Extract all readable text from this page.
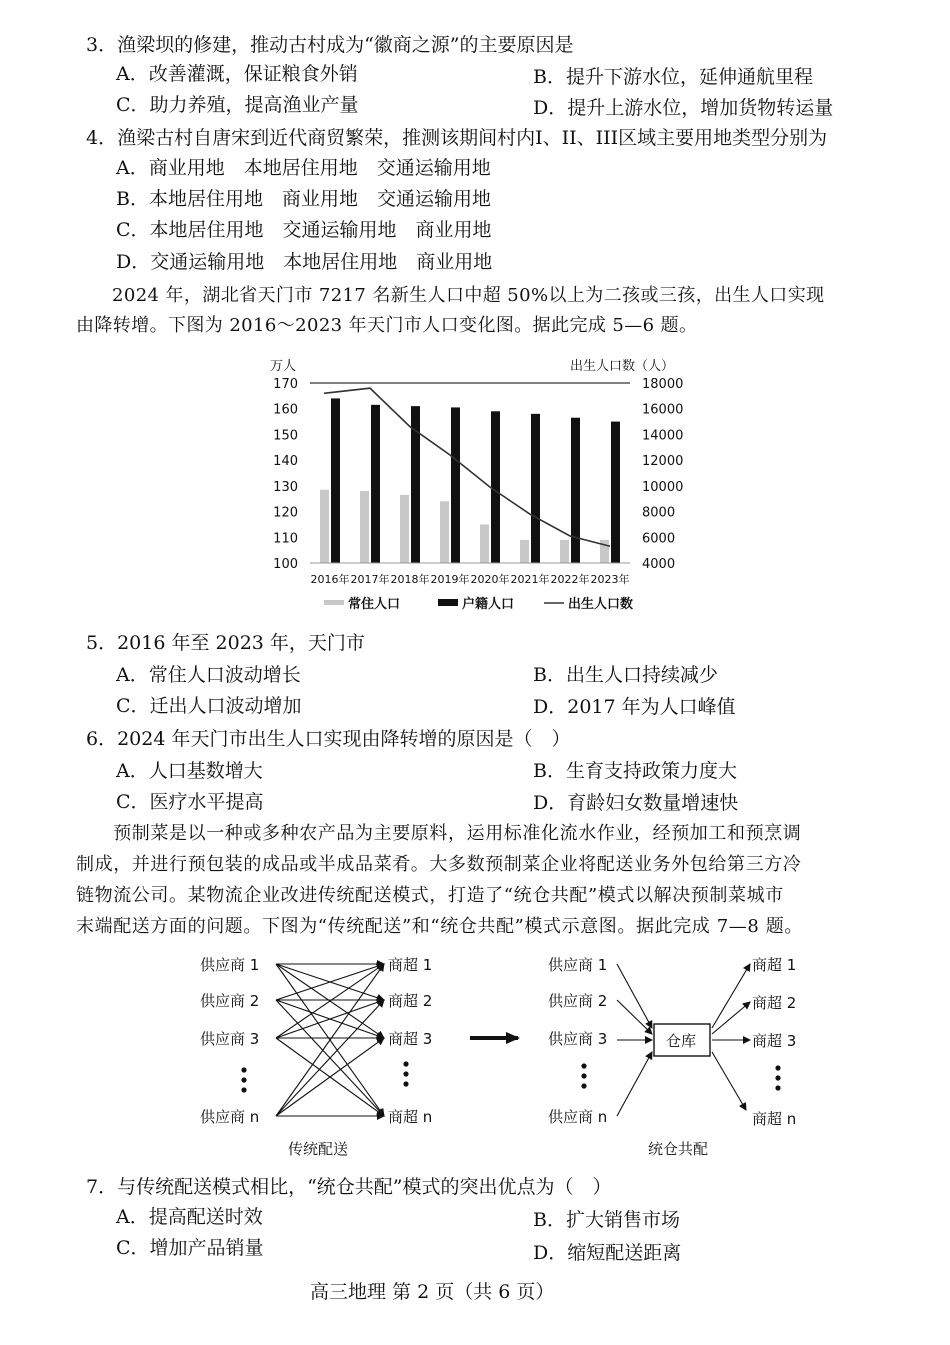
3．渔梁坝的修建，推动古村成为“徽商之源”的主要原因是
A．改善灌溉，保证粮食外销	B．提升下游水位，延伸通航里程
C．助力养殖，提高渔业产量	D．提升上游水位，增加货物转运量
4．渔梁古村自唐宋到近代商贸繁荣，推测该期间村内I、II、III区域主要用地类型分别为
A．商业用地　本地居住用地　交通运输用地
B．本地居住用地　商业用地　交通运输用地
C．本地居住用地　交通运输用地　商业用地
D．交通运输用地　本地居住用地　商业用地
2024 年，湖北省天门市 7217 名新生人口中超 50%以上为二孩或三孩，出生人口实现
由降转增。下图为 2016～2023 年天门市人口变化图。据此完成 5—6 题。
万人	出生人口数（人）
170
160
150
140
130
120
110
100
18000
16000
14000
12000
10000
8000
6000
4000
2016年 2017年 2018年 2019年 2020年 2021年 2022年 2023年
常住人口	户籍人口	出生人口数
5．2016 年至 2023 年，天门市
A．常住人口波动增长	B．出生人口持续减少
C．迁出人口波动增加	D．2017 年为人口峰值
6．2024 年天门市出生人口实现由降转增的原因是（　）
A．人口基数增大	B．生育支持政策力度大
C．医疗水平提高	D．育龄妇女数量增速快
　　预制菜是以一种或多种农产品为主要原料，运用标准化流水作业，经预加工和预烹调
制成，并进行预包装的成品或半成品菜肴。大多数预制菜企业将配送业务外包给第三方冷
链物流公司。某物流企业改进传统配送模式，打造了“统仓共配”模式以解决预制菜城市
末端配送方面的问题。下图为“传统配送”和“统仓共配”模式示意图。据此完成 7—8 题。
供应商 1
供应商 2
供应商 3
供应商 n
商超 1
商超 2
商超 3
商超 n
传统配送
供应商 1
供应商 2
供应商 3
供应商 n
仓库
商超 1
商超 2
商超 3
商超 n
统仓共配
7．与传统配送模式相比，“统仓共配”模式的突出优点为（　）
A．提高配送时效	B．扩大销售市场
C．增加产品销量	D．缩短配送距离
高三地理 第 2 页（共 6 页）
